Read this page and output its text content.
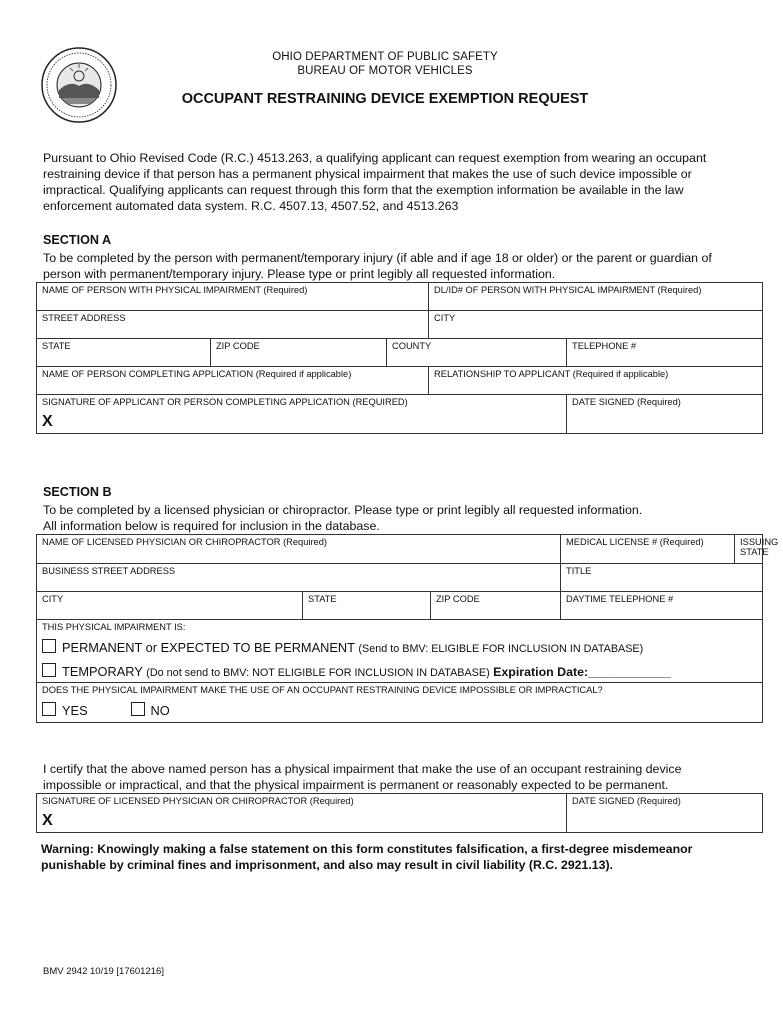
OHIO DEPARTMENT OF PUBLIC SAFETY
BUREAU OF MOTOR VEHICLES
OCCUPANT RESTRAINING DEVICE EXEMPTION REQUEST
Pursuant to Ohio Revised Code (R.C.) 4513.263, a qualifying applicant can request exemption from wearing an occupant restraining device if that person has a permanent physical impairment that makes the use of such device impossible or impractical. Qualifying applicants can request through this form that the exemption information be available in the law enforcement automated data system. R.C. 4507.13, 4507.52, and 4513.263
SECTION A
To be completed by the person with permanent/temporary injury (if able and if age 18 or older) or the parent or guardian of person with permanent/temporary injury. Please type or print legibly all requested information.
NAME OF PERSON WITH PHYSICAL IMPAIRMENT (Required)			DL/ID# OF PERSON WITH PHYSICAL IMPAIRMENT (Required)	
STREET ADDRESS			CITY	
STATE	ZIP CODE	COUNTY		TELEPHONE #
NAME OF PERSON COMPLETING APPLICATION (Required if applicable)			RELATIONSHIP TO APPLICANT (Required if applicable)	
SIGNATURE OF APPLICANT OR PERSON COMPLETING APPLICATION (REQUIRED)
X				DATE SIGNED (Required)
SECTION B
To be completed by a licensed physician or chiropractor. Please type or print legibly all requested information.
All information below is required for inclusion in the database.
NAME OF LICENSED PHYSICIAN OR CHIROPRACTOR (Required)			MEDICAL LICENSE # (Required) ISSUING STATE

BUSINESS STREET ADDRESS			TITLE
CITY	STATE	ZIP CODE	DAYTIME TELEPHONE #

THIS PHYSICAL IMPAIRMENT IS:
PERMANENT or EXPECTED TO BE PERMANENT (Send to BMV: ELIGIBLE FOR INCLUSION IN DATABASE)
TEMPORARY (Do not send to BMV: NOT ELIGIBLE FOR INCLUSION IN DATABASE) Expiration Date:____________			

DOES THE PHYSICAL IMPAIRMENT MAKE THE USE OF AN OCCUPANT RESTRAINING DEVICE IMPOSSIBLE OR IMPRACTICAL?
YES NO			
I certify that the above named person has a physical impairment that make the use of an occupant restraining device impossible or impractical, and that the physical impairment is permanent or reasonably expected to be permanent.
SIGNATURE OF LICENSED PHYSICIAN OR CHIROPRACTOR (Required)
X
	DATE SIGNED (Required)
Warning: Knowingly making a false statement on this form constitutes falsification, a first-degree misdemeanor punishable by criminal fines and imprisonment, and also may result in civil liability (R.C. 2921.13).
BMV 2942 10/19 [17601216]
